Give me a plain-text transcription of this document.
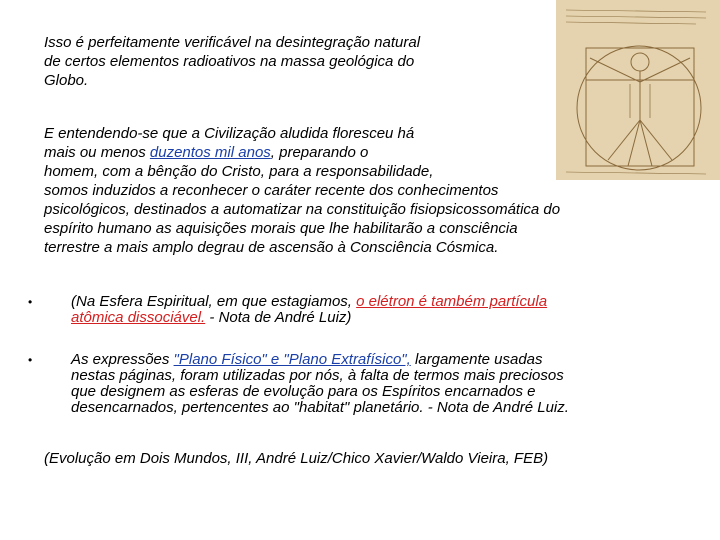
Isso é perfeitamente verificável na desintegração natural
de certos elementos radioativos na massa geológica do
Globo.
E entendendo-se que a Civilização aludida floresceu há
mais ou menos duzentos mil anos, preparando o
homem, com a bênção do Cristo, para a responsabilidade,
somos induzidos a reconhecer o caráter recente dos conhecimentos
psicológicos, destinados a automatizar na constituição fisiopsicossomática do
espírito humano as aquisições morais que lhe habilitarão a consciência
terrestre a mais amplo degrau de ascensão à Consciência Cósmica.
•	(Na Esfera Espiritual, em que estagiamos, o elétron é também partícula
atômica dissociável. - Nota de André Luiz)
•	As expressões "Plano Físico" e "Plano Extrafísico", largamente usadas
nestas páginas, foram utilizadas por nós, à falta de termos mais preciosos
que designem as esferas de evolução para os Espíritos encarnados e
desencarnados, pertencentes ao "habitat" planetário. - Nota de André Luiz.
(Evolução em Dois Mundos, III, André Luiz/Chico Xavier/Waldo Vieira, FEB)
